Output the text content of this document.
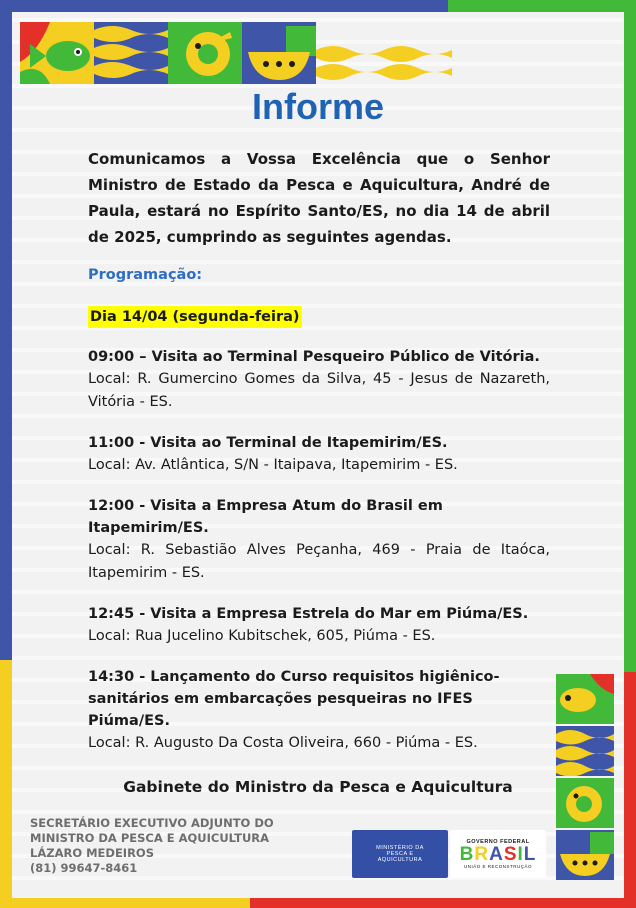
Informe
Comunicamos a Vossa Excelência que o Senhor Ministro de Estado da Pesca e Aquicultura, André de Paula, estará no Espírito Santo/ES, no dia 14 de abril de 2025, cumprindo as seguintes agendas.
Programação:
Dia 14/04 (segunda-feira)
09:00 – Visita ao Terminal Pesqueiro Público de Vitória.
Local: R. Gumercino Gomes da Silva, 45 - Jesus de Nazareth, Vitória - ES.
11:00 - Visita ao Terminal de Itapemirim/ES.
Local: Av. Atlântica, S/N - Itaipava, Itapemirim - ES.
12:00 - Visita a Empresa Atum do Brasil em Itapemirim/ES.
Local: R. Sebastião Alves Peçanha, 469 - Praia de Itaóca, Itapemirim - ES.
12:45 - Visita a Empresa Estrela do Mar em Piúma/ES.
Local: Rua Jucelino Kubitschek, 605, Piúma - ES.
14:30 - Lançamento do Curso requisitos higiênico-sanitários em embarcações pesqueiras no IFES Piúma/ES.
Local: R. Augusto Da Costa Oliveira, 660 - Piúma - ES.
Gabinete do Ministro da Pesca e Aquicultura
SECRETÁRIO EXECUTIVO ADJUNTO DO
MINISTRO DA PESCA E AQUICULTURA
LÁZARO MEDEIROS
(81) 99647-8461
MINISTÉRIO DA
PESCA E
AQUICULTURA
GOVERNO FEDERAL
BRASIL
UNIÃO E RECONSTRUÇÃO
